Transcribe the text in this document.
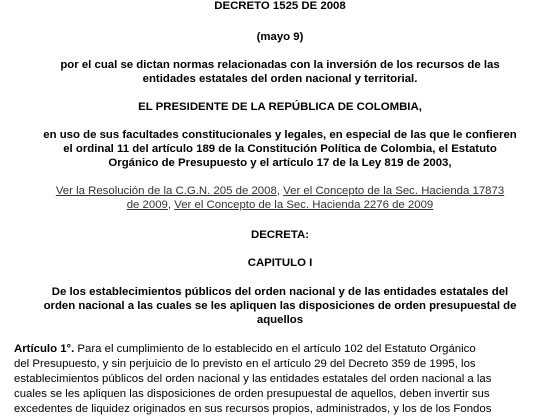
DECRETO 1525 DE 2008
(mayo 9)
por el cual se dictan normas relacionadas con la inversión de los recursos de las
entidades estatales del orden nacional y territorial.
EL PRESIDENTE DE LA REPÚBLICA DE COLOMBIA,
en uso de sus facultades constitucionales y legales, en especial de las que le confieren
el ordinal 11 del artículo 189 de la Constitución Política de Colombia, el Estatuto
Orgánico de Presupuesto y el artículo 17 de la Ley 819 de 2003,
Ver la Resolución de la C.G.N. 205 de 2008, Ver el Concepto de la Sec. Hacienda 17873
de 2009, Ver el Concepto de la Sec. Hacienda 2276 de 2009
DECRETA:
CAPITULO I
De los establecimientos públicos del orden nacional y de las entidades estatales del
orden nacional a las cuales se les apliquen las disposiciones de orden presupuestal de
aquellos
Artículo 1°. Para el cumplimiento de lo establecido en el artículo 102 del Estatuto Orgánico
del Presupuesto, y sin perjuicio de lo previsto en el artículo 29 del Decreto 359 de 1995, los
establecimientos públicos del orden nacional y las entidades estatales del orden nacional a las
cuales se les apliquen las disposiciones de orden presupuestal de aquellos, deben invertir sus
excedentes de liquidez originados en sus recursos propios, administrados, y los de los Fondos
